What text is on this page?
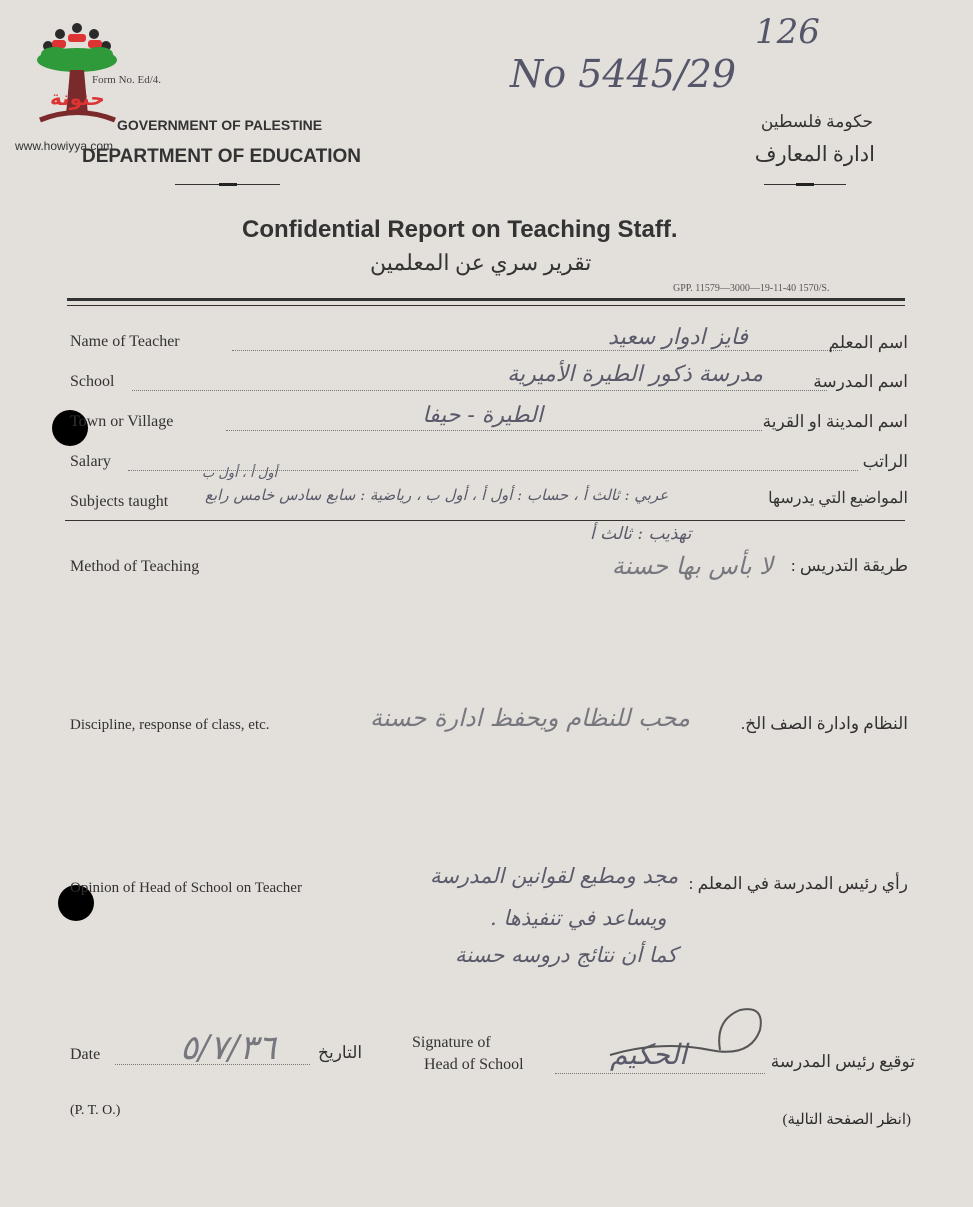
حنونة
www.howiyya.com
Form No. Ed/4.
126
No 5445/29
GOVERNMENT OF PALESTINE
DEPARTMENT OF EDUCATION
حكومة فلسطين
ادارة المعارف
Confidential Report on Teaching Staff.
تقرير سري عن المعلمين
GPP. 11579—3000—19-11-40 1570/S.
Name of Teacher	اسم المعلم
فايز ادوار سعيد
School	اسم المدرسة
مدرسة ذكور الطيرة الأميرية
Town or Village	اسم المدينة او القرية
الطيرة - حيفا
Salary	الراتب
Subjects taught	المواضيع التي يدرسها
أول أ ، أول ب
عربي : ثالث أ ، حساب : أول أ ، أول ب ، رياضية : سابع سادس خامس رابع
تهذيب : ثالث أ
Method of Teaching	طريقة التدريس :
لا بأس بها حسنة
Discipline, response of class, etc.	النظام وادارة الصف الخ.
محب للنظام ويحفظ ادارة حسنة
Opinion of Head of School on Teacher	رأي رئيس المدرسة في المعلم :
مجد ومطيع لقوانين المدرسة
ويساعد في تنفيذها .
كما أن نتائج دروسه حسنة
Date ٥/٧/٣٦ التاريخ
Signature of
Head of School	الحكيم	توقيع رئيس المدرسة
(P. T. O.)
(انظر الصفحة التالية)
